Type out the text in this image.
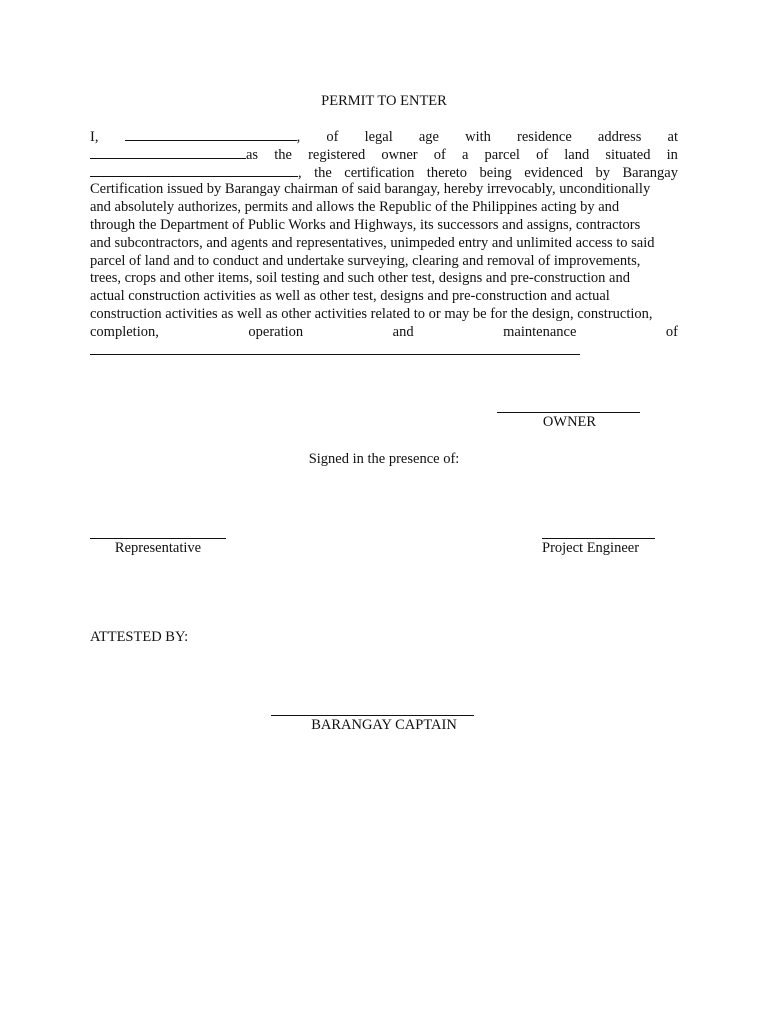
PERMIT TO ENTER
I,	, of legal age with residence address at
as the registered owner of a parcel of land situated in
, the certification thereto being evidenced by Barangay
Certification issued by Barangay chairman of said barangay, hereby irrevocably, unconditionally
and absolutely authorizes, permits and allows the Republic of the Philippines acting by and
through the Department of Public Works and Highways, its successors and assigns, contractors
and subcontractors, and agents and representatives, unimpeded entry and unlimited access to said
parcel of land and to conduct and undertake surveying, clearing and removal of improvements,
trees, crops and other items, soil testing and such other test, designs and pre-construction and
actual construction activities as well as other test, designs and pre-construction and actual
construction activities as well as other activities related to or may be for the design, construction,
completion,	operation	and	maintenance	of
OWNER
Signed in the presence of:
Representative	Project Engineer
ATTESTED BY:
BARANGAY CAPTAIN
